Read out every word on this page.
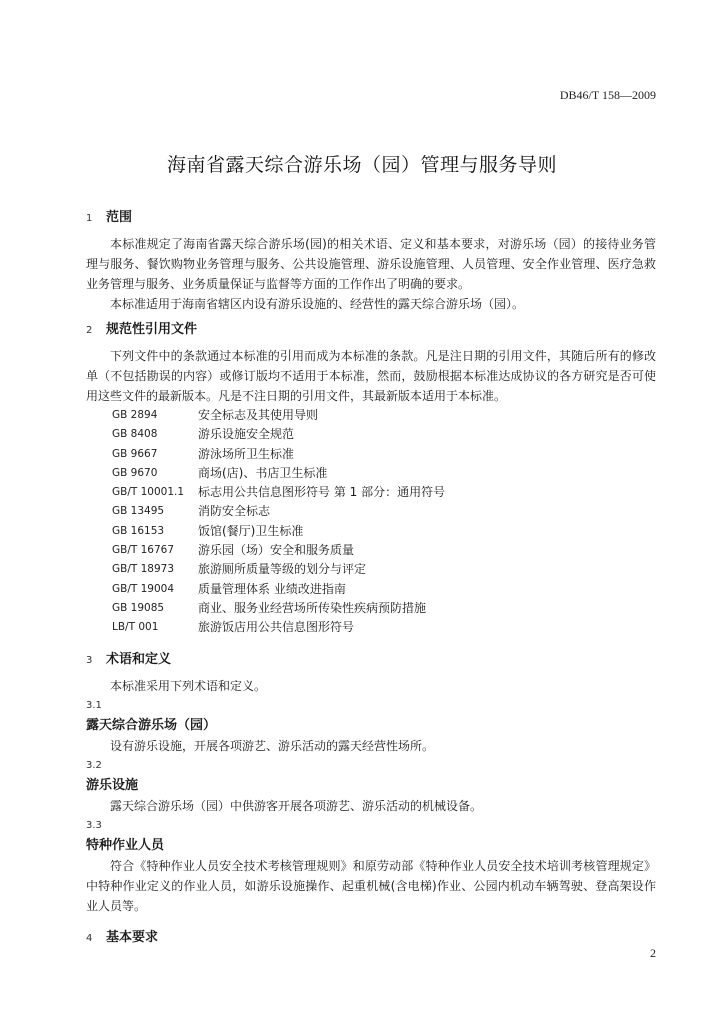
DB46/T 158—2009
海南省露天综合游乐场（园）管理与服务导则
1 范围

本标准规定了海南省露天综合游乐场(园)的相关术语、定义和基本要求，对游乐场（园）的接待业务管理与服务、餐饮购物业务管理与服务、公共设施管理、游乐设施管理、人员管理、安全作业管理、医疗急救业务管理与服务、业务质量保证与监督等方面的工作作出了明确的要求。

本标准适用于海南省辖区内设有游乐设施的、经营性的露天综合游乐场（园）。

2 规范性引用文件

下列文件中的条款通过本标准的引用而成为本标准的条款。凡是注日期的引用文件，其随后所有的修改单（不包括勘误的内容）或修订版均不适用于本标准，然而，鼓励根据本标准达成协议的各方研究是否可使用这些文件的最新版本。凡是不注日期的引用文件，其最新版本适用于本标准。

GB 2894	安全标志及其使用导则
GB 8408	游乐设施安全规范
GB 9667	游泳场所卫生标准
GB 9670	商场(店)、书店卫生标准
GB/T 10001.1	标志用公共信息图形符号 第 1 部分：通用符号
GB 13495	消防安全标志
GB 16153	饭馆(餐厅)卫生标准
GB/T 16767	游乐园（场）安全和服务质量
GB/T 18973	旅游厕所质量等级的划分与评定
GB/T 19004	质量管理体系 业绩改进指南
GB 19085	商业、服务业经营场所传染性疾病预防措施
LB/T 001	旅游饭店用公共信息图形符号
3 术语和定义

本标准采用下列术语和定义。

3.1

露天综合游乐场（园）

设有游乐设施，开展各项游艺、游乐活动的露天经营性场所。

3.2

游乐设施

露天综合游乐场（园）中供游客开展各项游艺、游乐活动的机械设备。

3.3

特种作业人员

符合《特种作业人员安全技术考核管理规则》和原劳动部《特种作业人员安全技术培训考核管理规定》中特种作业定义的作业人员，如游乐设施操作、起重机械(含电梯)作业、公园内机动车辆驾驶、登高架设作业人员等。

4 基本要求
2
